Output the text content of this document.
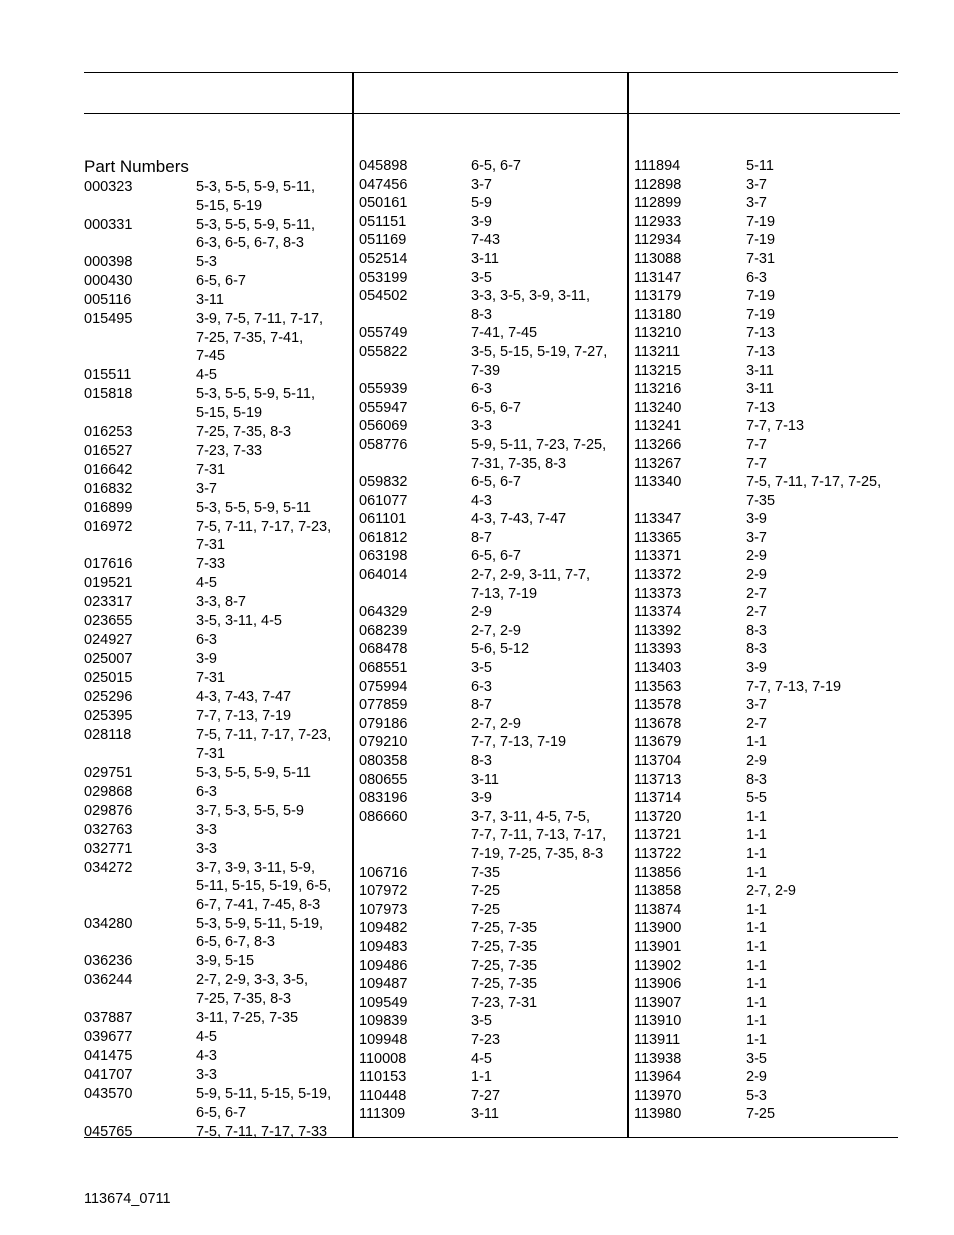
Part Numbers
000323	5-3, 5-5, 5-9, 5-11,
5-15, 5-19
000331	5-3, 5-5, 5-9, 5-11,
6-3, 6-5, 6-7, 8-3
000398	5-3
000430	6-5, 6-7
005116	3-11
015495	3-9, 7-5, 7-11, 7-17,
7-25, 7-35, 7-41,
7-45
015511	4-5
015818	5-3, 5-5, 5-9, 5-11,
5-15, 5-19
016253	7-25, 7-35, 8-3
016527	7-23, 7-33
016642	7-31
016832	3-7
016899	5-3, 5-5, 5-9, 5-11
016972	7-5, 7-11, 7-17, 7-23,
7-31
017616	7-33
019521	4-5
023317	3-3, 8-7
023655	3-5, 3-11, 4-5
024927	6-3
025007	3-9
025015	7-31
025296	4-3, 7-43, 7-47
025395	7-7, 7-13, 7-19
028118	7-5, 7-11, 7-17, 7-23,
7-31
029751	5-3, 5-5, 5-9, 5-11
029868	6-3
029876	3-7, 5-3, 5-5, 5-9
032763	3-3
032771	3-3
034272	3-7, 3-9, 3-11, 5-9,
5-11, 5-15, 5-19, 6-5,
6-7, 7-41, 7-45, 8-3
034280	5-3, 5-9, 5-11, 5-19,
6-5, 6-7, 8-3
036236	3-9, 5-15
036244	2-7, 2-9, 3-3, 3-5,
7-25, 7-35, 8-3
037887	3-11, 7-25, 7-35
039677	4-5
041475	4-3
041707	3-3
043570	5-9, 5-11, 5-15, 5-19,
6-5, 6-7
045765	7-5, 7-11, 7-17, 7-33
045898	6-5, 6-7
047456	3-7
050161	5-9
051151	3-9
051169	7-43
052514	3-11
053199	3-5
054502	3-3, 3-5, 3-9, 3-11,
8-3
055749	7-41, 7-45
055822	3-5, 5-15, 5-19, 7-27,
7-39
055939	6-3
055947	6-5, 6-7
056069	3-3
058776	5-9, 5-11, 7-23, 7-25,
7-31, 7-35, 8-3
059832	6-5, 6-7
061077	4-3
061101	4-3, 7-43, 7-47
061812	8-7
063198	6-5, 6-7
064014	2-7, 2-9, 3-11, 7-7,
7-13, 7-19
064329	2-9
068239	2-7, 2-9
068478	5-6, 5-12
068551	3-5
075994	6-3
077859	8-7
079186	2-7, 2-9
079210	7-7, 7-13, 7-19
080358	8-3
080655	3-11
083196	3-9
086660	3-7, 3-11, 4-5, 7-5,
7-7, 7-11, 7-13, 7-17,
7-19, 7-25, 7-35, 8-3
106716	7-35
107972	7-25
107973	7-25
109482	7-25, 7-35
109483	7-25, 7-35
109486	7-25, 7-35
109487	7-25, 7-35
109549	7-23, 7-31
109839	3-5
109948	7-23
110008	4-5
110153	1-1
110448	7-27
111309	3-11
111894	5-11
112898	3-7
112899	3-7
112933	7-19
112934	7-19
113088	7-31
113147	6-3
113179	7-19
113180	7-19
113210	7-13
113211	7-13
113215	3-11
113216	3-11
113240	7-13
113241	7-7, 7-13
113266	7-7
113267	7-7
113340	7-5, 7-11, 7-17, 7-25,
7-35
113347	3-9
113365	3-7
113371	2-9
113372	2-9
113373	2-7
113374	2-7
113392	8-3
113393	8-3
113403	3-9
113563	7-7, 7-13, 7-19
113578	3-7
113678	2-7
113679	1-1
113704	2-9
113713	8-3
113714	5-5
113720	1-1
113721	1-1
113722	1-1
113856	1-1
113858	2-7, 2-9
113874	1-1
113900	1-1
113901	1-1
113902	1-1
113906	1-1
113907	1-1
113910	1-1
113911	1-1
113938	3-5
113964	2-9
113970	5-3
113980	7-25
113674_0711
